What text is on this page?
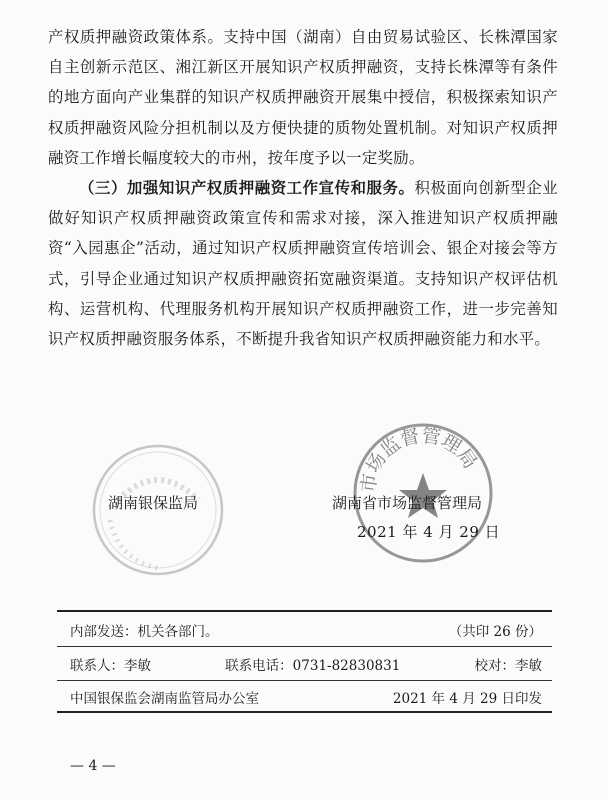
产权质押融资政策体系。支持中国（湖南）自由贸易试验区、长株潭国家自主创新示范区、湘江新区开展知识产权质押融资，支持长株潭等有条件的地方面向产业集群的知识产权质押融资开展集中授信，积极探索知识产权质押融资风险分担机制以及方便快捷的质物处置机制。对知识产权质押融资工作增长幅度较大的市州，按年度予以一定奖励。

（三）加强知识产权质押融资工作宣传和服务。积极面向创新型企业做好知识产权质押融资政策宣传和需求对接，深入推进知识产权质押融资“入园惠企”活动，通过知识产权质押融资宣传培训会、银企对接会等方式，引导企业通过知识产权质押融资拓宽融资渠道。支持知识产权评估机构、运营机构、代理服务机构开展知识产权质押融资工作，进一步完善知识产权质押融资服务体系，不断提升我省知识产权质押融资能力和水平。

市场监督管理局
湖南银保监局	湖南省市场监督管理局
2021 年 4 月 29 日
内部发送：机关各部门。	（共印 26 份）
联系人：李敏	联系电话：0731-82830831	校对：李敏
中国银保监会湖南监管局办公室	2021 年 4 月 29 日印发
— 4 —
